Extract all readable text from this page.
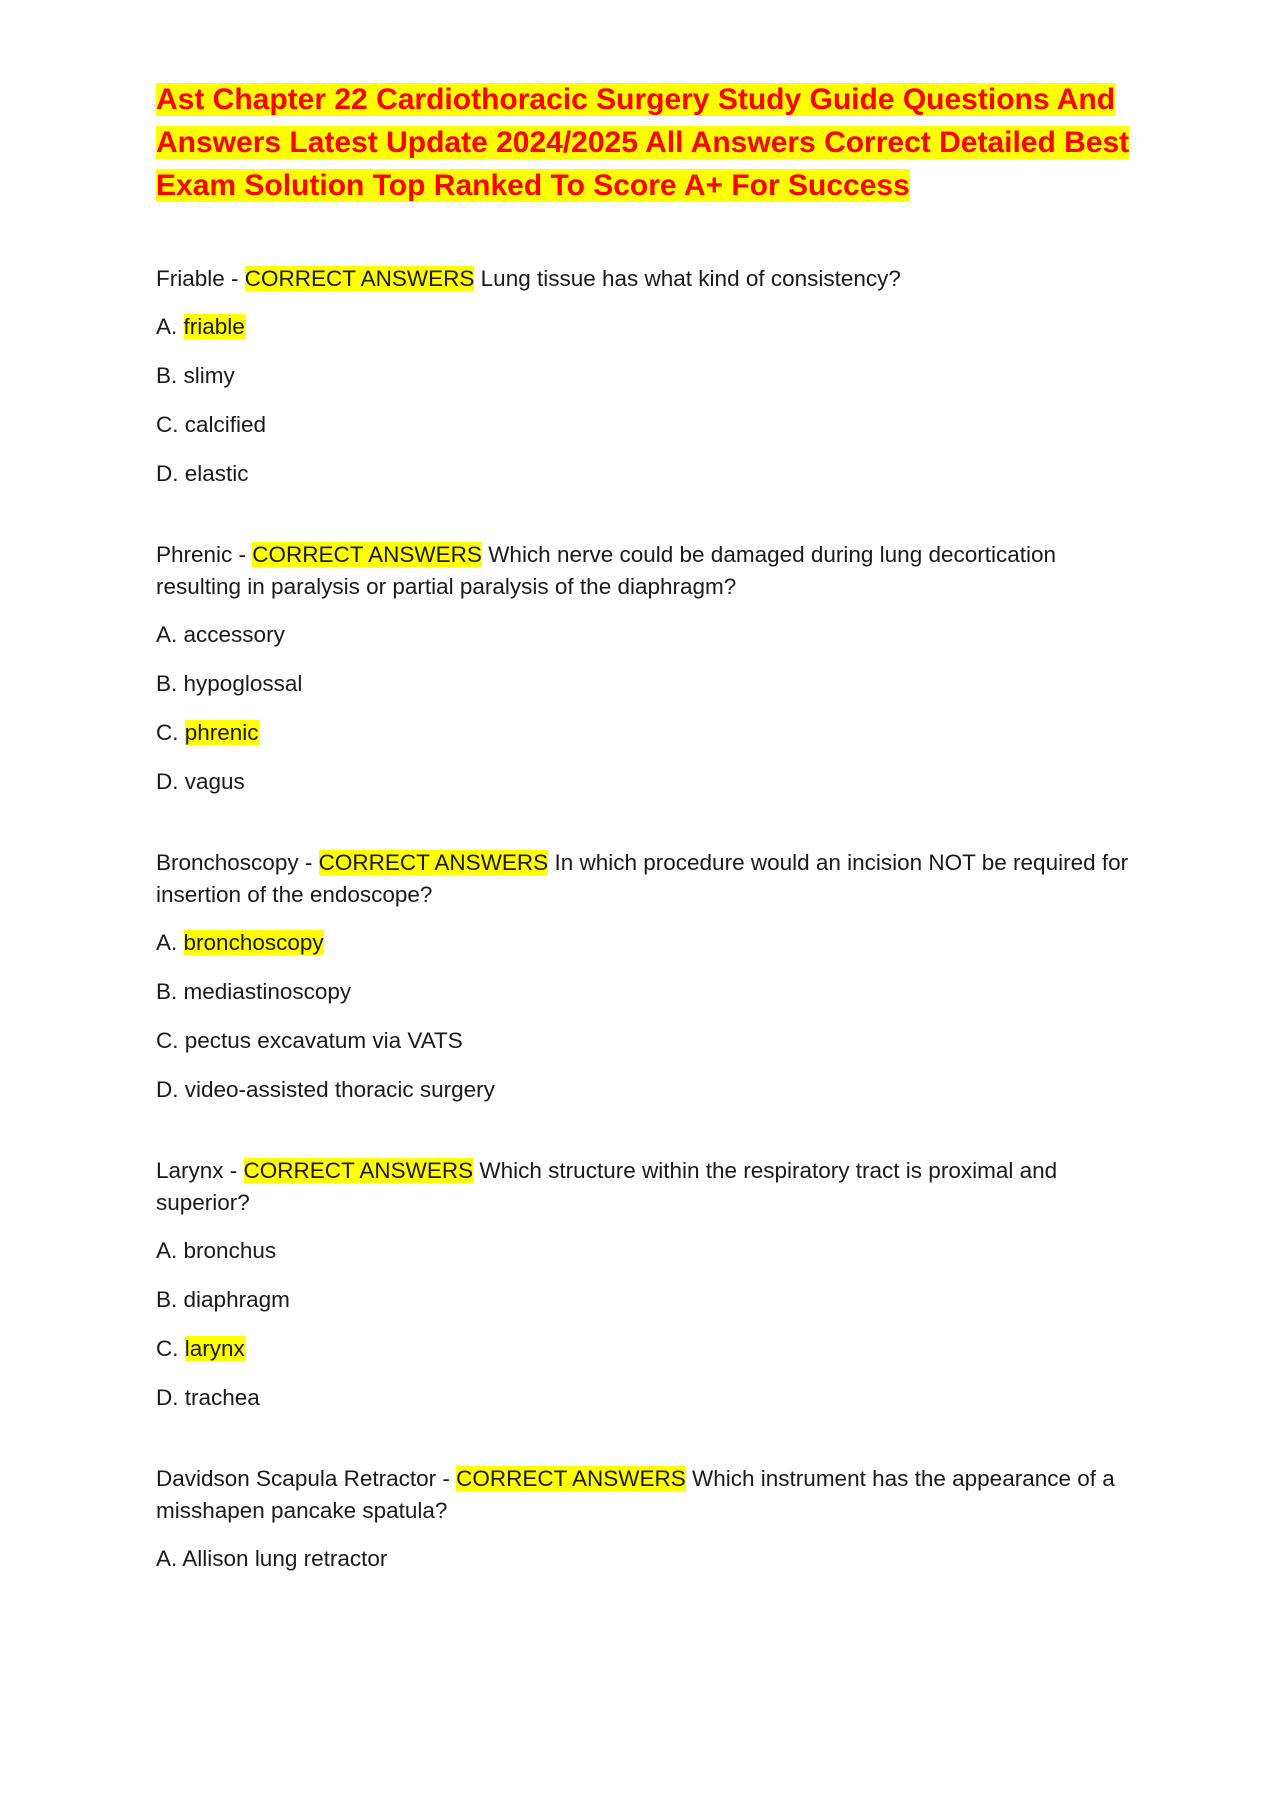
Ast Chapter 22 Cardiothoracic Surgery Study Guide Questions And Answers Latest Update 2024/2025 All Answers Correct Detailed Best Exam Solution Top Ranked To Score A+ For Success
Friable - CORRECT ANSWERS Lung tissue has what kind of consistency?
A. friable
B. slimy
C. calcified
D. elastic
Phrenic - CORRECT ANSWERS Which nerve could be damaged during lung decortication resulting in paralysis or partial paralysis of the diaphragm?
A. accessory
B. hypoglossal
C. phrenic
D. vagus
Bronchoscopy - CORRECT ANSWERS In which procedure would an incision NOT be required for insertion of the endoscope?
A. bronchoscopy
B. mediastinoscopy
C. pectus excavatum via VATS
D. video-assisted thoracic surgery
Larynx - CORRECT ANSWERS Which structure within the respiratory tract is proximal and superior?
A. bronchus
B. diaphragm
C. larynx
D. trachea
Davidson Scapula Retractor - CORRECT ANSWERS Which instrument has the appearance of a misshapen pancake spatula?
A. Allison lung retractor
